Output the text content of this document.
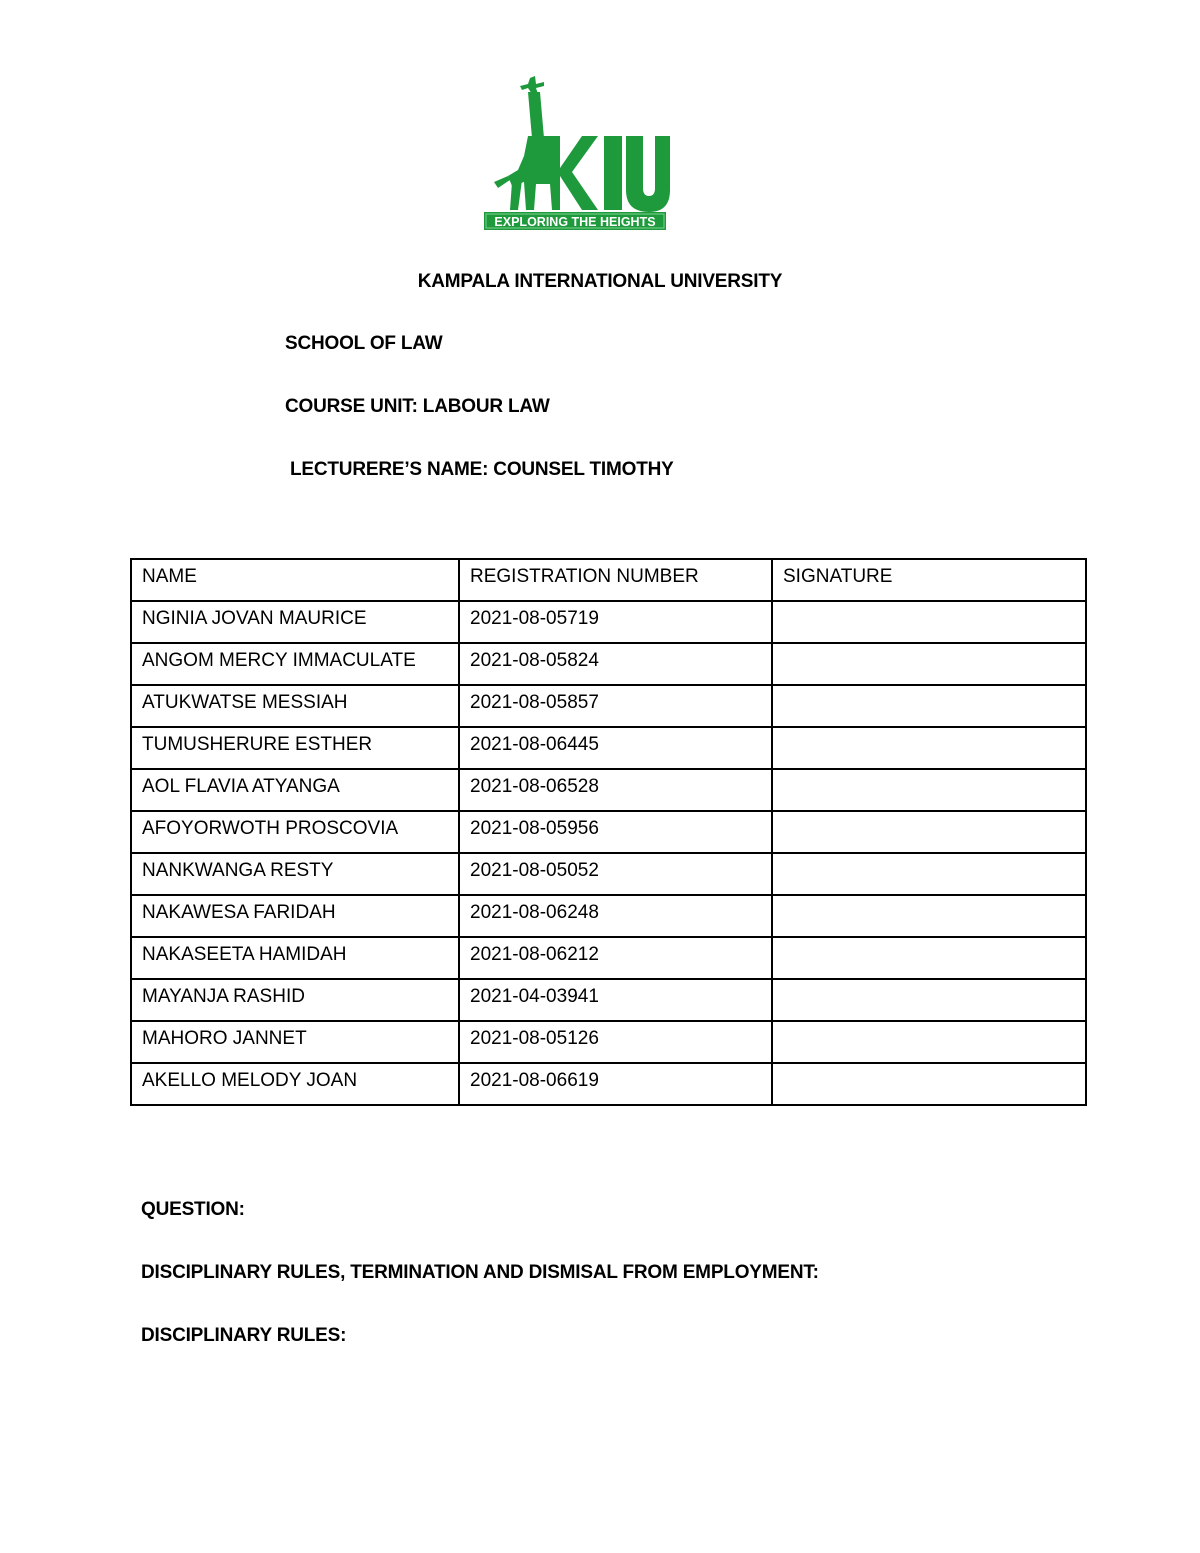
EXPLORING THE HEIGHTS
KAMPALA INTERNATIONAL UNIVERSITY
SCHOOL OF LAW
COURSE UNIT: LABOUR LAW
LECTURERE’S NAME: COUNSEL TIMOTHY
NAME	REGISTRATION NUMBER	SIGNATURE
NGINIA JOVAN MAURICE	2021-08-05719	
ANGOM MERCY IMMACULATE	2021-08-05824	
ATUKWATSE MESSIAH	2021-08-05857	
TUMUSHERURE ESTHER	2021-08-06445	
AOL FLAVIA ATYANGA	2021-08-06528	
AFOYORWOTH PROSCOVIA	2021-08-05956	
NANKWANGA RESTY	2021-08-05052	
NAKAWESA FARIDAH	2021-08-06248	
NAKASEETA HAMIDAH	2021-08-06212	
MAYANJA RASHID	2021-04-03941	
MAHORO JANNET	2021-08-05126	
AKELLO MELODY JOAN	2021-08-06619	
QUESTION:
DISCIPLINARY RULES, TERMINATION AND DISMISAL FROM EMPLOYMENT:
DISCIPLINARY RULES:
